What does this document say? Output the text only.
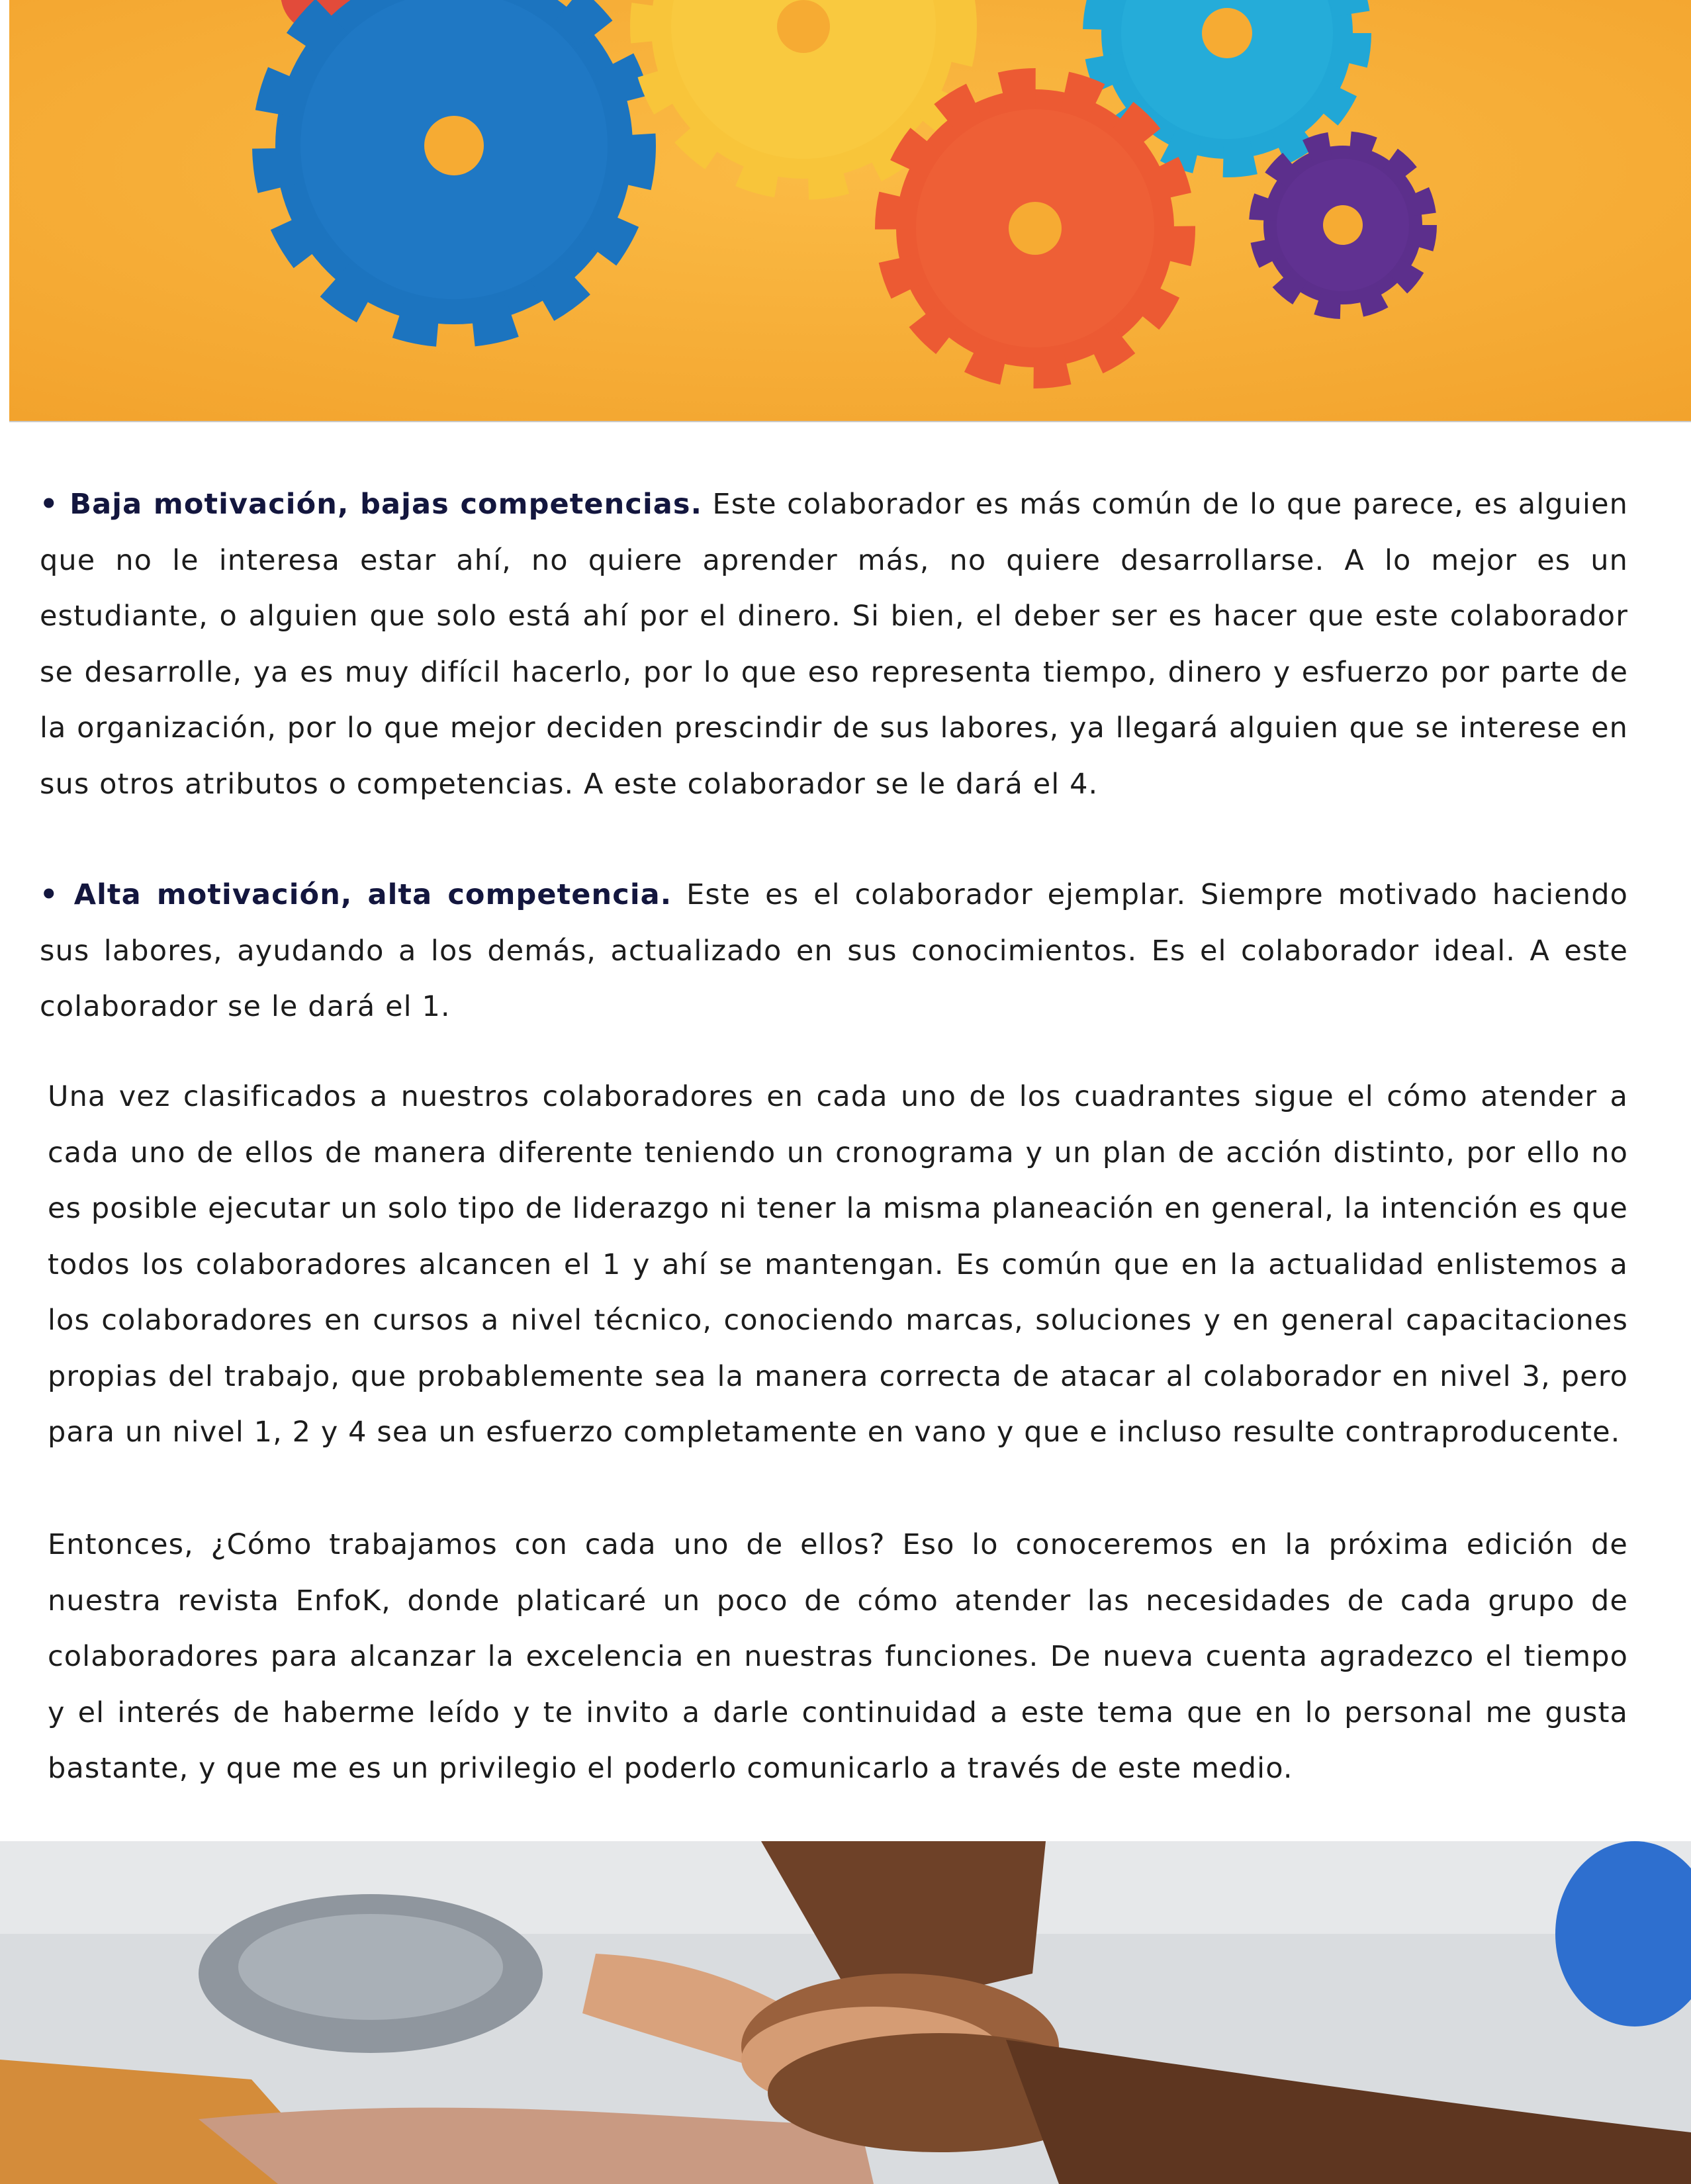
• Baja motivación, bajas competencias. Este colaborador es más común de lo que parece, es alguien que no le interesa estar ahí, no quiere aprender más, no quiere desarrollarse. A lo mejor es un estudiante, o alguien que solo está ahí por el dinero. Si bien, el deber ser es hacer que este colaborador se desarrolle, ya es muy difícil hacerlo, por lo que eso representa tiempo, dinero y esfuerzo por parte de la organización, por lo que mejor deciden prescindir de sus labores, ya llegará alguien que se interese en sus otros atributos o competencias. A este colaborador se le dará el 4.

• Alta motivación, alta competencia. Este es el colaborador ejemplar. Siempre motivado haciendo sus labores, ayudando a los demás, actualizado en sus conocimientos. Es el colaborador ideal. A este colaborador se le dará el 1.

Una vez clasificados a nuestros colaboradores en cada uno de los cuadrantes sigue el cómo atender a cada uno de ellos de manera diferente teniendo un cronograma y un plan de acción distinto, por ello no es posible ejecutar un solo tipo de liderazgo ni tener la misma planeación en general, la intención es que todos los colaboradores alcancen el 1 y ahí se mantengan. Es común que en la actualidad enlistemos a los colaboradores en cursos a nivel técnico, conociendo marcas, soluciones y en general capacitaciones propias del trabajo, que probablemente sea la manera correcta de atacar al colaborador en nivel 3, pero para un nivel 1, 2 y 4 sea un esfuerzo completamente en vano y que e incluso resulte contraproducente.

Entonces, ¿Cómo trabajamos con cada uno de ellos? Eso lo conoceremos en la próxima edición de nuestra revista EnfoK, donde platicaré un poco de cómo atender las necesidades de cada grupo de colaboradores para alcanzar la excelencia en nuestras funciones. De nueva cuenta agradezco el tiempo y el interés de haberme leído y te invito a darle continuidad a este tema que en lo personal me gusta bastante, y que me es un privilegio el poderlo comunicarlo a través de este medio.
